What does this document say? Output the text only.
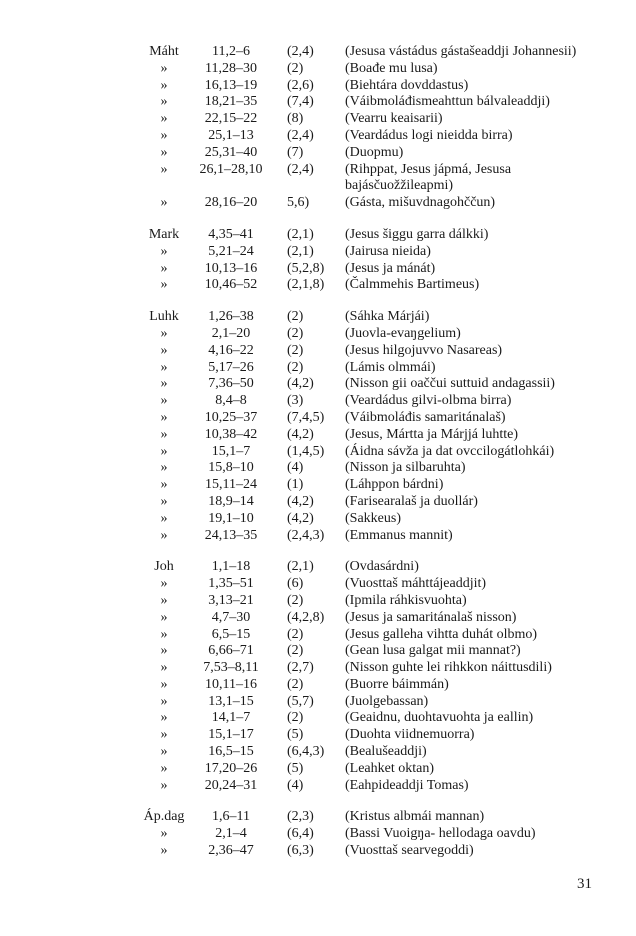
Máht	11,2–6	(2,4) (Jesusa vástádus gástašeaddji Johannesii)
»	11,28–30	(2)	(Boađe mu lusa)
»	16,13–19	(2,6) (Biehtára dovddastus)
»	18,21–35	(7,4) (Váibmoláđismeahttun bálvaleaddji)
»	22,15–22	(8)	(Vearru keaisarii)
»	25,1–13	(2,4) (Veardádus logi nieidda birra)
»	25,31–40	(7)	(Duopmu)
»	26,1–28,10	(2,4) (Rihppat, Jesus jápmá, Jesusa bajásčuožžileapmi)
»	28,16–20	5,6)	(Gásta, mišuvdnagohččun)
Mark	4,35–41	(2,1) (Jesus šiggu garra dálkki)
»	5,21–24	(2,1) (Jairusa nieida)
»	10,13–16	(5,2,8) (Jesus ja mánát)
»	10,46–52	(2,1,8) (Čalmmehis Bartimeus)
Luhk	1,26–38	(2)	(Sáhka Márjái)
»	2,1–20	(2)	(Juovla-evaŋgelium)
»	4,16–22	(2)	(Jesus hilgojuvvo Nasareas)
»	5,17–26	(2)	(Lámis olmmái)
»	7,36–50	(4,2) (Nisson gii oaččui suttuid andagassii)
»	8,4–8	(3)	(Veardádus gilvi-olbma birra)
»	10,25–37	(7,4,5) (Váibmoláđis samaritánalaš)
»	10,38–42	(4,2) (Jesus, Mártta ja Márjjá luhtte)
»	15,1–7	(1,4,5) (Áidna sávža ja dat ovccilogátlohkái)
»	15,8–10	(4)	(Nisson ja silbaruhta)
»	15,11–24	(1)	(Láhppon bárdni)
»	18,9–14	(4,2) (Farisearalaš ja duollár)
»	19,1–10	(4,2) (Sakkeus)
»	24,13–35	(2,4,3) (Emmanus mannit)
Joh	1,1–18	(2,1) (Ovdasárdni)
»	1,35–51	(6)	(Vuosttaš máhttájeaddjit)
»	3,13–21	(2)	(Ipmila ráhkisvuohta)
»	4,7–30	(4,2,8) (Jesus ja samaritánalaš nisson)
»	6,5–15	(2)	(Jesus galleha vihtta duhát olbmo)
»	6,66–71	(2)	(Gean lusa galgat mii mannat?)
»	7,53–8,11	(2,7) (Nisson guhte lei rihkkon náittusdili)
»	10,11–16	(2)	(Buorre báimmán)
»	13,1–15	(5,7) (Juolgebassan)
»	14,1–7	(2)	(Geaidnu, duohtavuohta ja eallin)
»	15,1–17	(5)	(Duohta viidnemuorra)
»	16,5–15	(6,4,3) (Bealušeaddji)
»	17,20–26	(5)	(Leahket oktan)
»	20,24–31	(4)	(Eahpideaddji Tomas)
Áp.dag	1,6–11	(2,3) (Kristus albmái mannan)
»	2,1–4	(6,4) (Bassi Vuoigŋa- hellodaga oavdu)
»	2,36–47	(6,3) (Vuosttaš searvegoddi)
31
